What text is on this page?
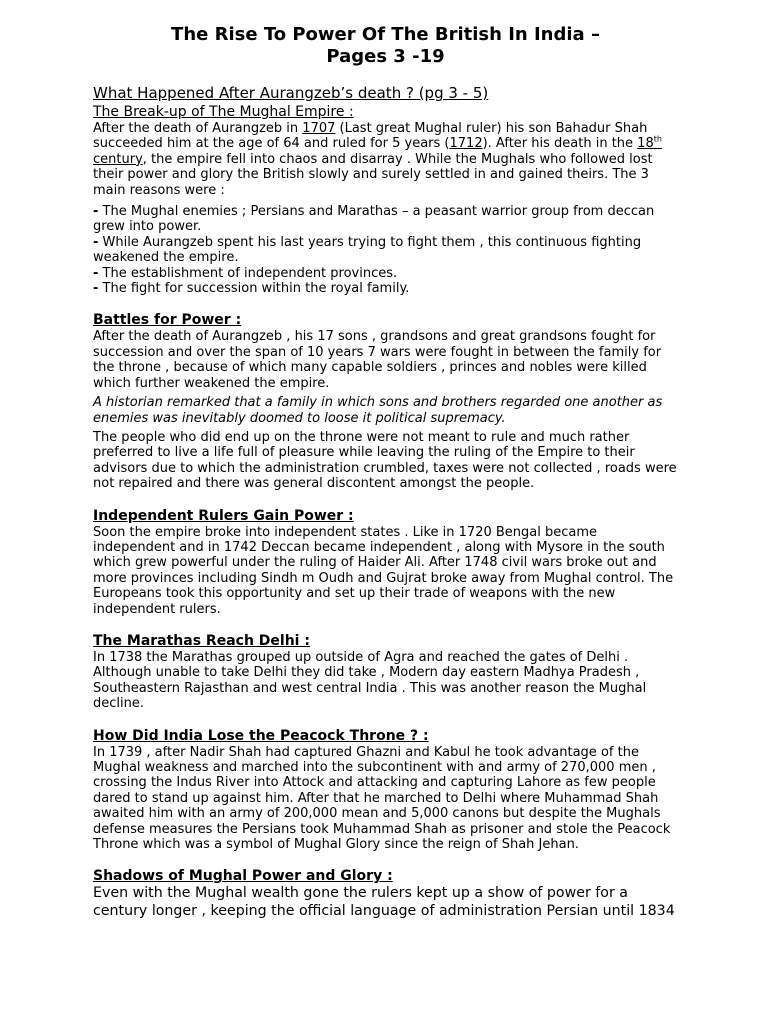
The Rise To Power Of The British In India –
Pages 3 -19

What Happened After Aurangzeb’s death ? (pg 3 - 5)

The Break-up of The Mughal Empire :

After the death of Aurangzeb in 1707 (Last great Mughal ruler) his son Bahadur Shah succeeded him at the age of 64 and ruled for 5 years (1712). After his death in the 18th century, the empire fell into chaos and disarray . While the Mughals who followed lost their power and glory the British slowly and surely settled in and gained theirs. The 3 main reasons were :

- The Mughal enemies ; Persians and Marathas – a peasant warrior group from deccan grew into power.

- While Aurangzeb spent his last years trying to fight them , this continuous fighting weakened the empire.

- The establishment of independent provinces.

- The fight for succession within the royal family.

Battles for Power :

After the death of Aurangzeb , his 17 sons , grandsons and great grandsons fought for succession and over the span of 10 years 7 wars were fought in between the family for the throne , because of which many capable soldiers , princes and nobles were killed which further weakened the empire.

A historian remarked that a family in which sons and brothers regarded one another as enemies was inevitably doomed to loose it political supremacy.

The people who did end up on the throne were not meant to rule and much rather preferred to live a life full of pleasure while leaving the ruling of the Empire to their advisors due to which the administration crumbled, taxes were not collected , roads were not repaired and there was general discontent amongst the people.

Independent Rulers Gain Power :

Soon the empire broke into independent states . Like in 1720 Bengal became independent and in 1742 Deccan became independent , along with Mysore in the south which grew powerful under the ruling of Haider Ali. After 1748 civil wars broke out and more provinces including Sindh m Oudh and Gujrat broke away from Mughal control. The Europeans took this opportunity and set up their trade of weapons with the new independent rulers.

The Marathas Reach Delhi :

In 1738 the Marathas grouped up outside of Agra and reached the gates of Delhi . Although unable to take Delhi they did take , Modern day eastern Madhya Pradesh , Southeastern Rajasthan and west central India . This was another reason the Mughal decline.

How Did India Lose the Peacock Throne ? :

In 1739 , after Nadir Shah had captured Ghazni and Kabul he took advantage of the Mughal weakness and marched into the subcontinent with and army of 270,000 men , crossing the Indus River into Attock and attacking and capturing Lahore as few people dared to stand up against him. After that he marched to Delhi where Muhammad Shah awaited him with an army of 200,000 mean and 5,000 canons but despite the Mughals defense measures the Persians took Muhammad Shah as prisoner and stole the Peacock Throne which was a symbol of Mughal Glory since the reign of Shah Jehan.

Shadows of Mughal Power and Glory :

Even with the Mughal wealth gone the rulers kept up a show of power for a century longer , keeping the official language of administration Persian until 1834
